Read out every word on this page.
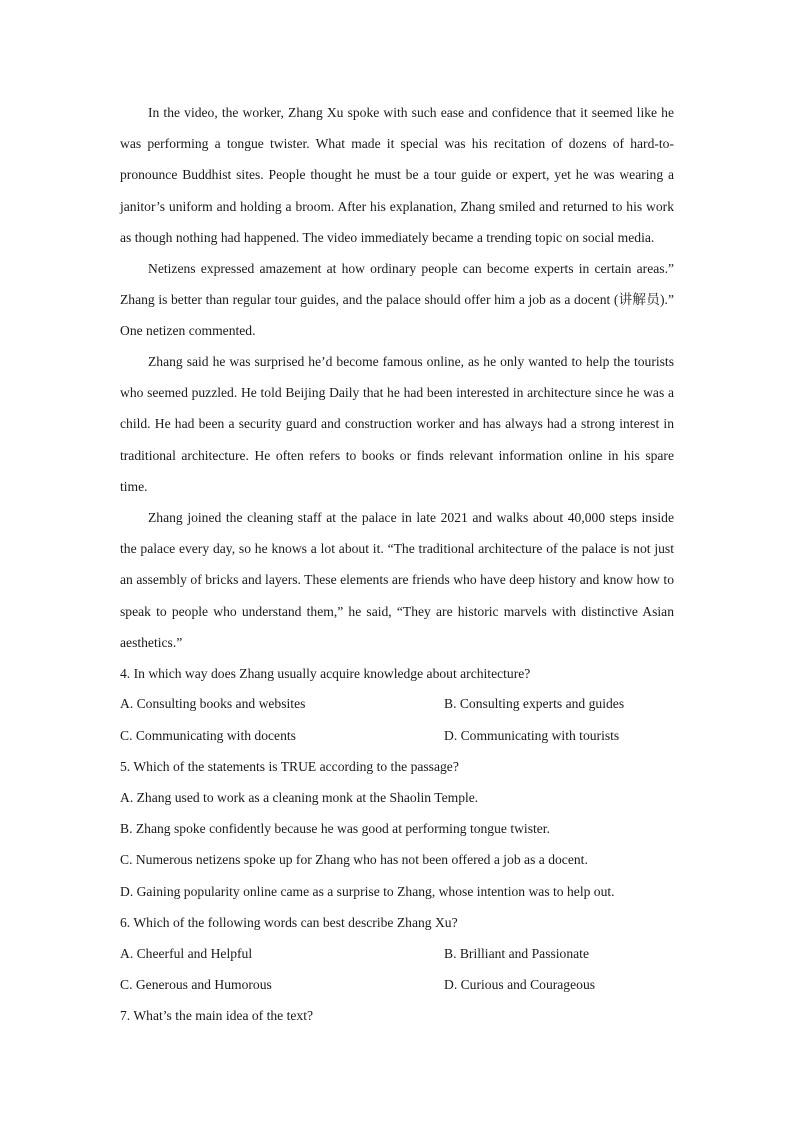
In the video, the worker, Zhang Xu spoke with such ease and confidence that it seemed like he was performing a tongue twister. What made it special was his recitation of dozens of hard-to-pronounce Buddhist sites. People thought he must be a tour guide or expert, yet he was wearing a janitor’s uniform and holding a broom. After his explanation, Zhang smiled and returned to his work as though nothing had happened. The video immediately became a trending topic on social media.

Netizens expressed amazement at how ordinary people can become experts in certain areas.” Zhang is better than regular tour guides, and the palace should offer him a job as a docent (讲解员).” One netizen commented.

Zhang said he was surprised he’d become famous online, as he only wanted to help the tourists who seemed puzzled. He told Beijing Daily that he had been interested in architecture since he was a child. He had been a security guard and construction worker and has always had a strong interest in traditional architecture. He often refers to books or finds relevant information online in his spare time.

Zhang joined the cleaning staff at the palace in late 2021 and walks about 40,000 steps inside the palace every day, so he knows a lot about it. “The traditional architecture of the palace is not just an assembly of bricks and layers. These elements are friends who have deep history and know how to speak to people who understand them,” he said, “They are historic marvels with distinctive Asian aesthetics.”

4. In which way does Zhang usually acquire knowledge about architecture?

A. Consulting books and websites	B. Consulting experts and guides

C. Communicating with docents	D. Communicating with tourists

5. Which of the statements is TRUE according to the passage?

A. Zhang used to work as a cleaning monk at the Shaolin Temple.

B. Zhang spoke confidently because he was good at performing tongue twister.

C. Numerous netizens spoke up for Zhang who has not been offered a job as a docent.

D. Gaining popularity online came as a surprise to Zhang, whose intention was to help out.

6. Which of the following words can best describe Zhang Xu?

A. Cheerful and Helpful	B. Brilliant and Passionate

C. Generous and Humorous	D. Curious and Courageous

7. What’s the main idea of the text?
